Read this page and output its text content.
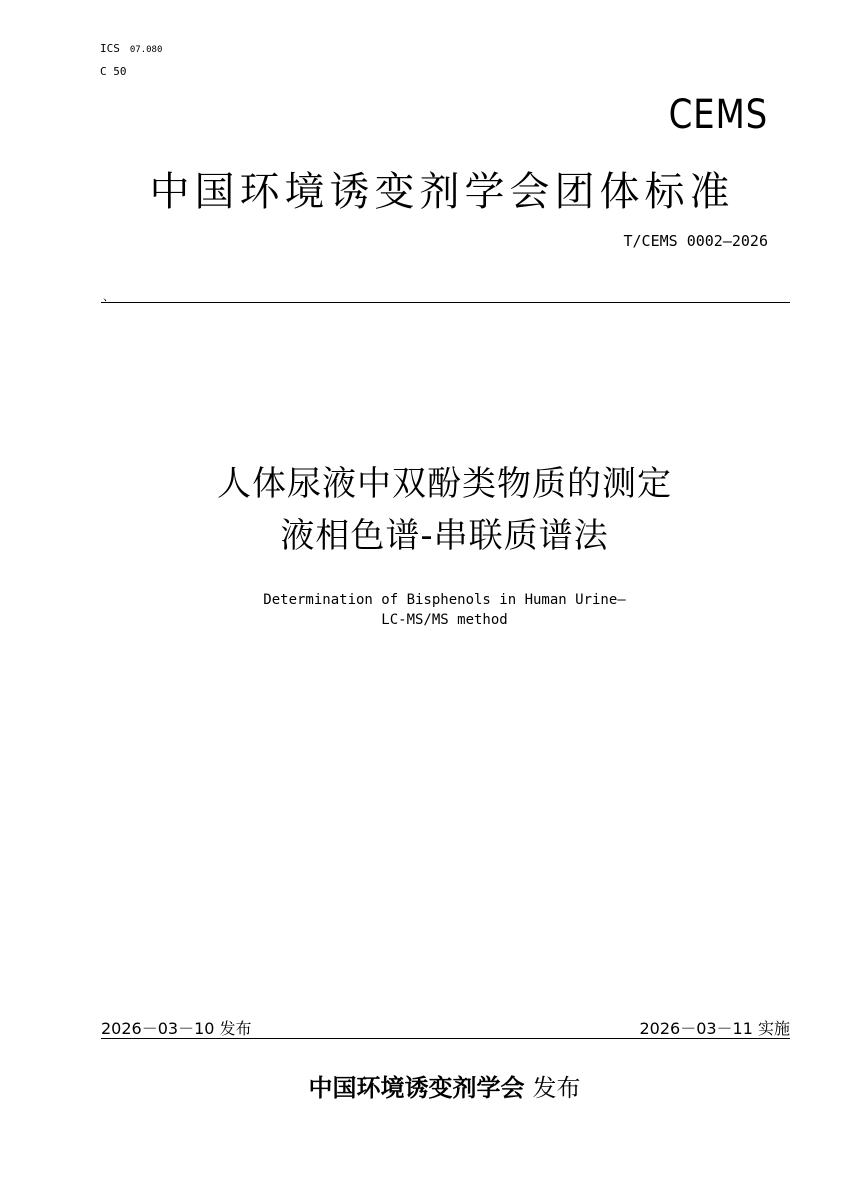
ICS 07.080
C 50
CEMS
中国环境诱变剂学会团体标准
T/CEMS 0002—2026
、
人体尿液中双酚类物质的测定
液相色谱-串联质谱法
Determination of Bisphenols in Human Urine—
LC-MS/MS method
2026－03－10 发布	2026－03－11 实施
中国环境诱变剂学会 发布
